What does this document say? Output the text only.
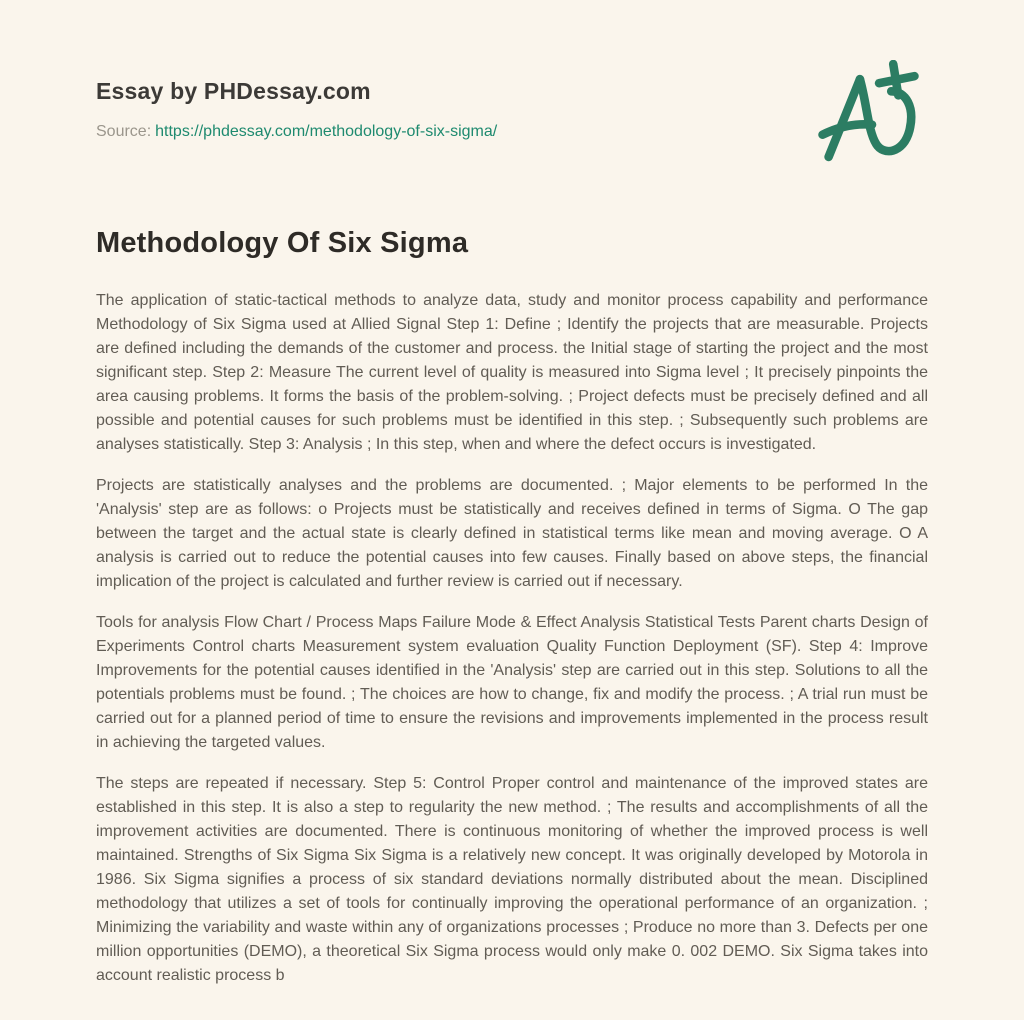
Essay by PHDessay.com
Source: https://phdessay.com/methodology-of-six-sigma/
Methodology Of Six Sigma

The application of static-tactical methods to analyze data, study and monitor process capability and performance Methodology of Six Sigma used at Allied Signal Step 1: Define ; Identify the projects that are measurable. Projects are defined including the demands of the customer and process. the Initial stage of starting the project and the most significant step. Step 2: Measure The current level of quality is measured into Sigma level ; It precisely pinpoints the area causing problems. It forms the basis of the problem-solving. ; Project defects must be precisely defined and all possible and potential causes for such problems must be identified in this step. ; Subsequently such problems are analyses statistically. Step 3: Analysis ; In this step, when and where the defect occurs is investigated.

Projects are statistically analyses and the problems are documented. ; Major elements to be performed In the 'Analysis' step are as follows: o Projects must be statistically and receives defined in terms of Sigma. O The gap between the target and the actual state is clearly defined in statistical terms like mean and moving average. O A analysis is carried out to reduce the potential causes into few causes. Finally based on above steps, the financial implication of the project is calculated and further review is carried out if necessary.

Tools for analysis Flow Chart / Process Maps Failure Mode & Effect Analysis Statistical Tests Parent charts Design of Experiments Control charts Measurement system evaluation Quality Function Deployment (SF). Step 4: Improve Improvements for the potential causes identified in the 'Analysis' step are carried out in this step. Solutions to all the potentials problems must be found. ; The choices are how to change, fix and modify the process. ; A trial run must be carried out for a planned period of time to ensure the revisions and improvements implemented in the process result in achieving the targeted values.

The steps are repeated if necessary. Step 5: Control Proper control and maintenance of the improved states are established in this step. It is also a step to regularity the new method. ; The results and accomplishments of all the improvement activities are documented. There is continuous monitoring of whether the improved process is well maintained. Strengths of Six Sigma Six Sigma is a relatively new concept. It was originally developed by Motorola in 1986. Six Sigma signifies a process of six standard deviations normally distributed about the mean. Disciplined methodology that utilizes a set of tools for continually improving the operational performance of an organization. ; Minimizing the variability and waste within any of organizations processes ; Produce no more than 3. Defects per one million opportunities (DEMO), a theoretical Six Sigma process would only make 0. 002 DEMO. Six Sigma takes into account realistic process b
